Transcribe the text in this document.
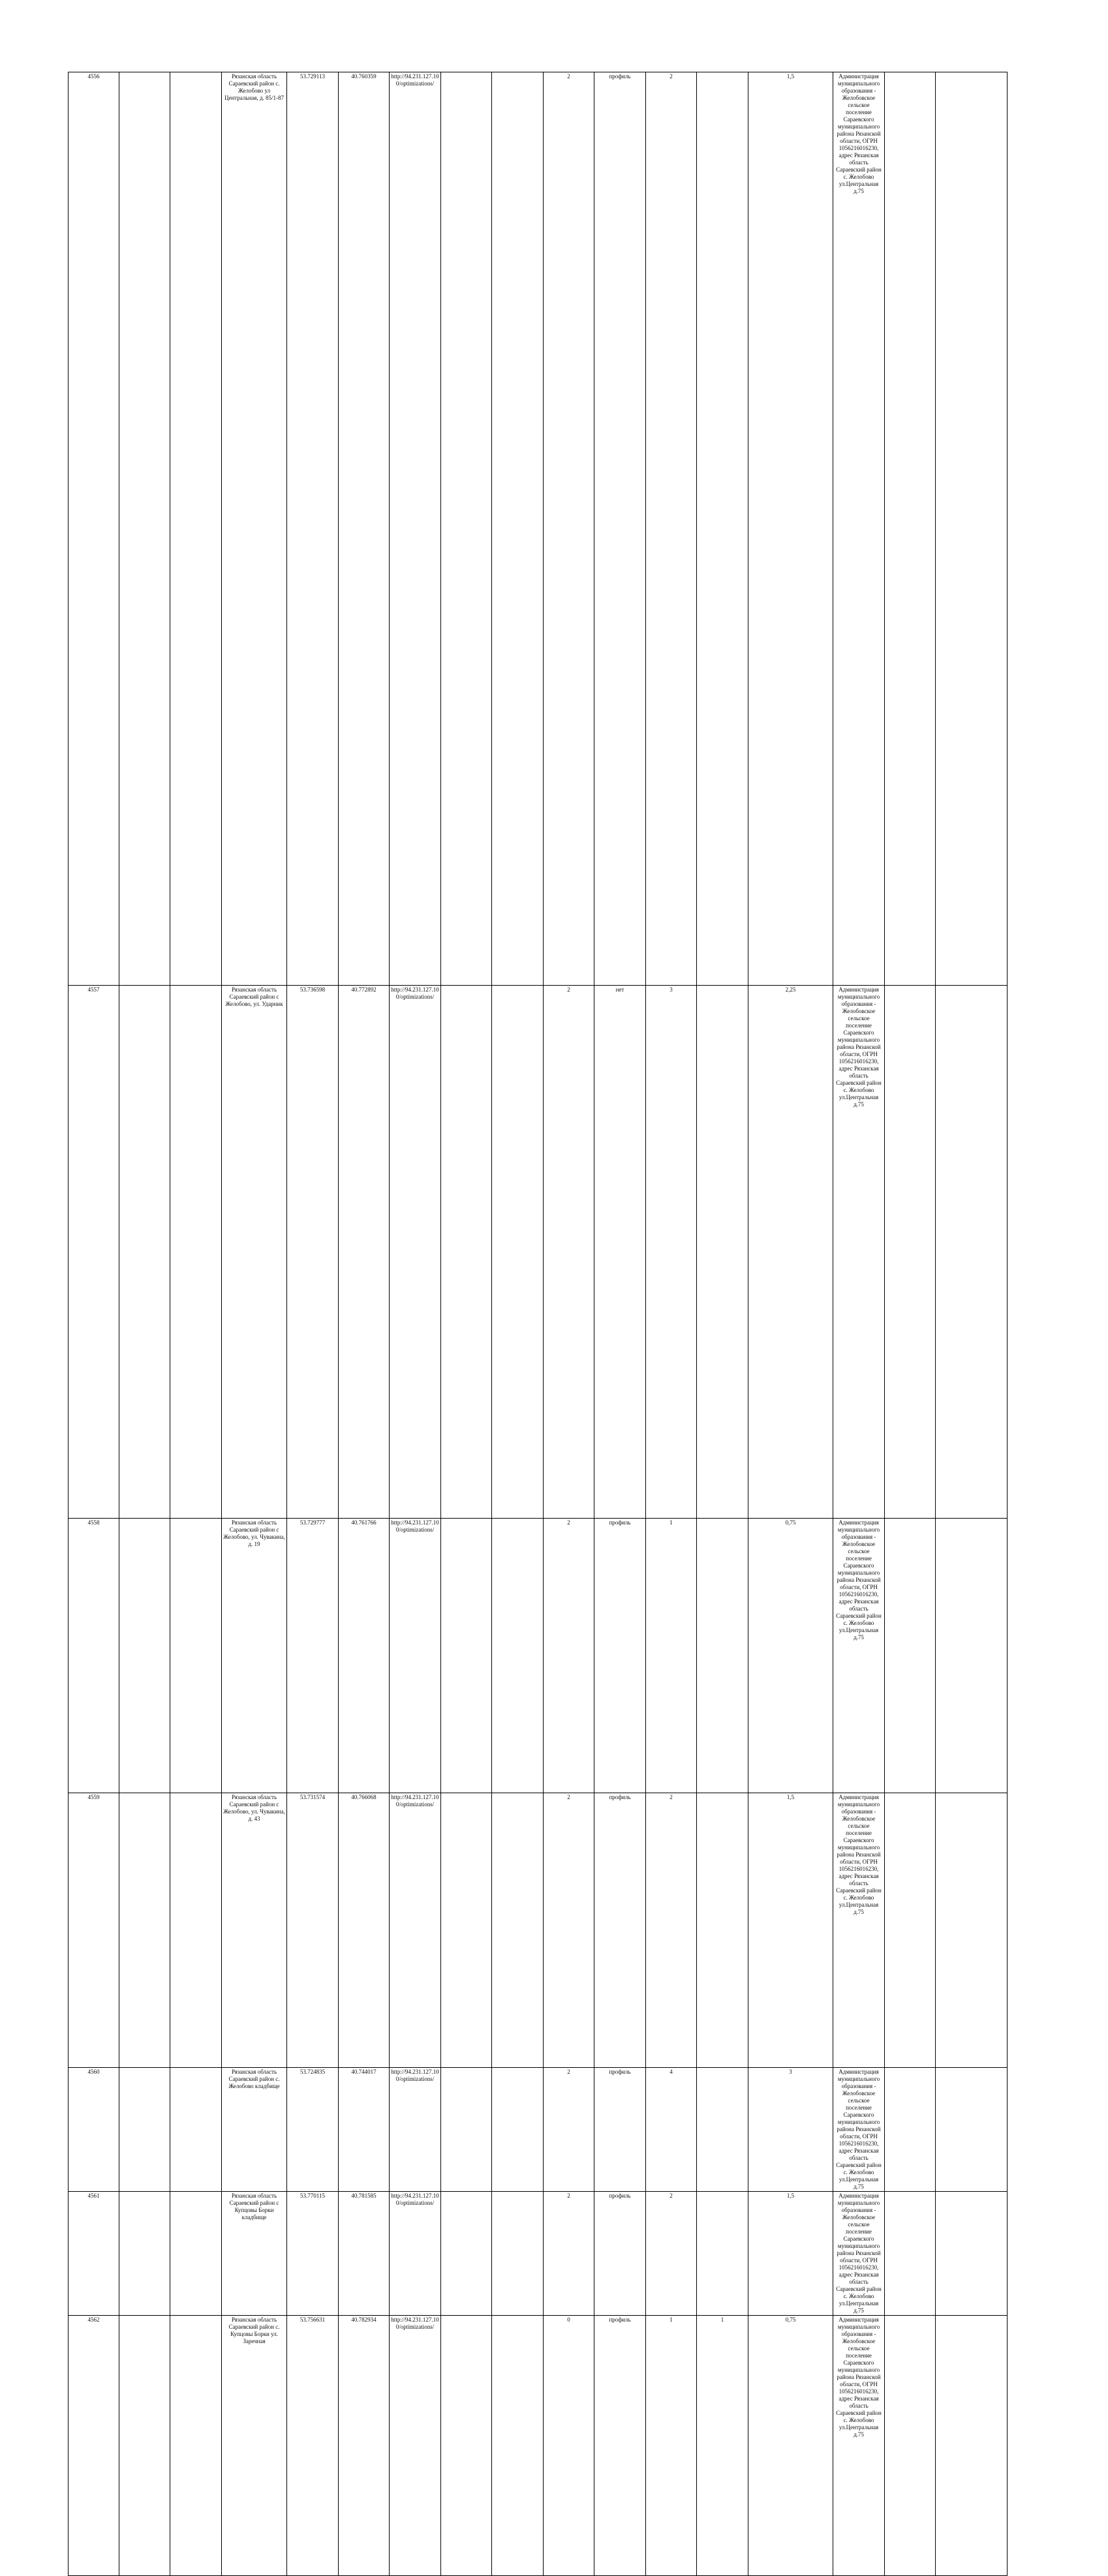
4556			Рязанская область Сараевский район с. Желобово ул Центральная, д. 85/1-87	53.729113	40.760359	http://94.231.127.100/optimizations/			2	профиль	2		1,5	Администрация муниципального образования - Желобовское сельское поселение Сараевского муниципального района Рязанской области, ОГРН 1056216016230, адрес Рязанская область Сараевский район с. Желобово ул.Центральная д.75			
4557			Рязанская область Сараевский район с Желобово, ул. Ударник	53.736598	40.772892	http://94.231.127.100/optimizations/			2	нет	3		2,25	Администрация муниципального образования - Желобовское сельское поселение Сараевского муниципального района Рязанской области, ОГРН 1056216016230, адрес Рязанская область Сараевский район с. Желобово ул.Центральная д.75			
4558			Рязанская область Сараевский район с Желобово, ул. Чувакина, д. 19	53.729777	40.761766	http://94.231.127.100/optimizations/			2	профиль	1		0,75	Администрация муниципального образования - Желобовское сельское поселение Сараевского муниципального района Рязанской области, ОГРН 1056216016230, адрес Рязанская область Сараевский район с. Желобово ул.Центральная д.75			
4559			Рязанская область Сараевский район с Желобово, ул. Чувакина, д. 43	53.731574	40.766068	http://94.231.127.100/optimizations/			2	профиль	2		1,5	Администрация муниципального образования - Желобовское сельское поселение Сараевского муниципального района Рязанской области, ОГРН 1056216016230, адрес Рязанская область Сараевский район с. Желобово ул.Центральная д.75			
4560			Рязанская область Сараевский район с. Желобово кладбище	53.724835	40.744017	http://94.231.127.100/optimizations/			2	профиль	4		3	Администрация муниципального образования - Желобовское сельское поселение Сараевского муниципального района Рязанской области, ОГРН 1056216016230, адрес Рязанская область Сараевский район с. Желобово ул.Центральная д.75			
4561			Рязанская область Сараевский район с Купцовы Борки кладбище	53.770115	40.781585	http://94.231.127.100/optimizations/			2	профиль	2		1,5	Администрация муниципального образования - Желобовское сельское поселение Сараевского муниципального района Рязанской области, ОГРН 1056216016230, адрес Рязанская область Сараевский район с. Желобово ул.Центральная д.75			
4562			Рязанская область Сараевский район с. Купцовы Борки ул. Заречная	53.756631	40.782934	http://94.231.127.100/optimizations/			0	профиль	1	1	0,75	Администрация муниципального образования - Желобовское сельское поселение Сараевского муниципального района Рязанской области, ОГРН 1056216016230, адрес Рязанская область Сараевский район с. Желобово ул.Центральная д.75			
